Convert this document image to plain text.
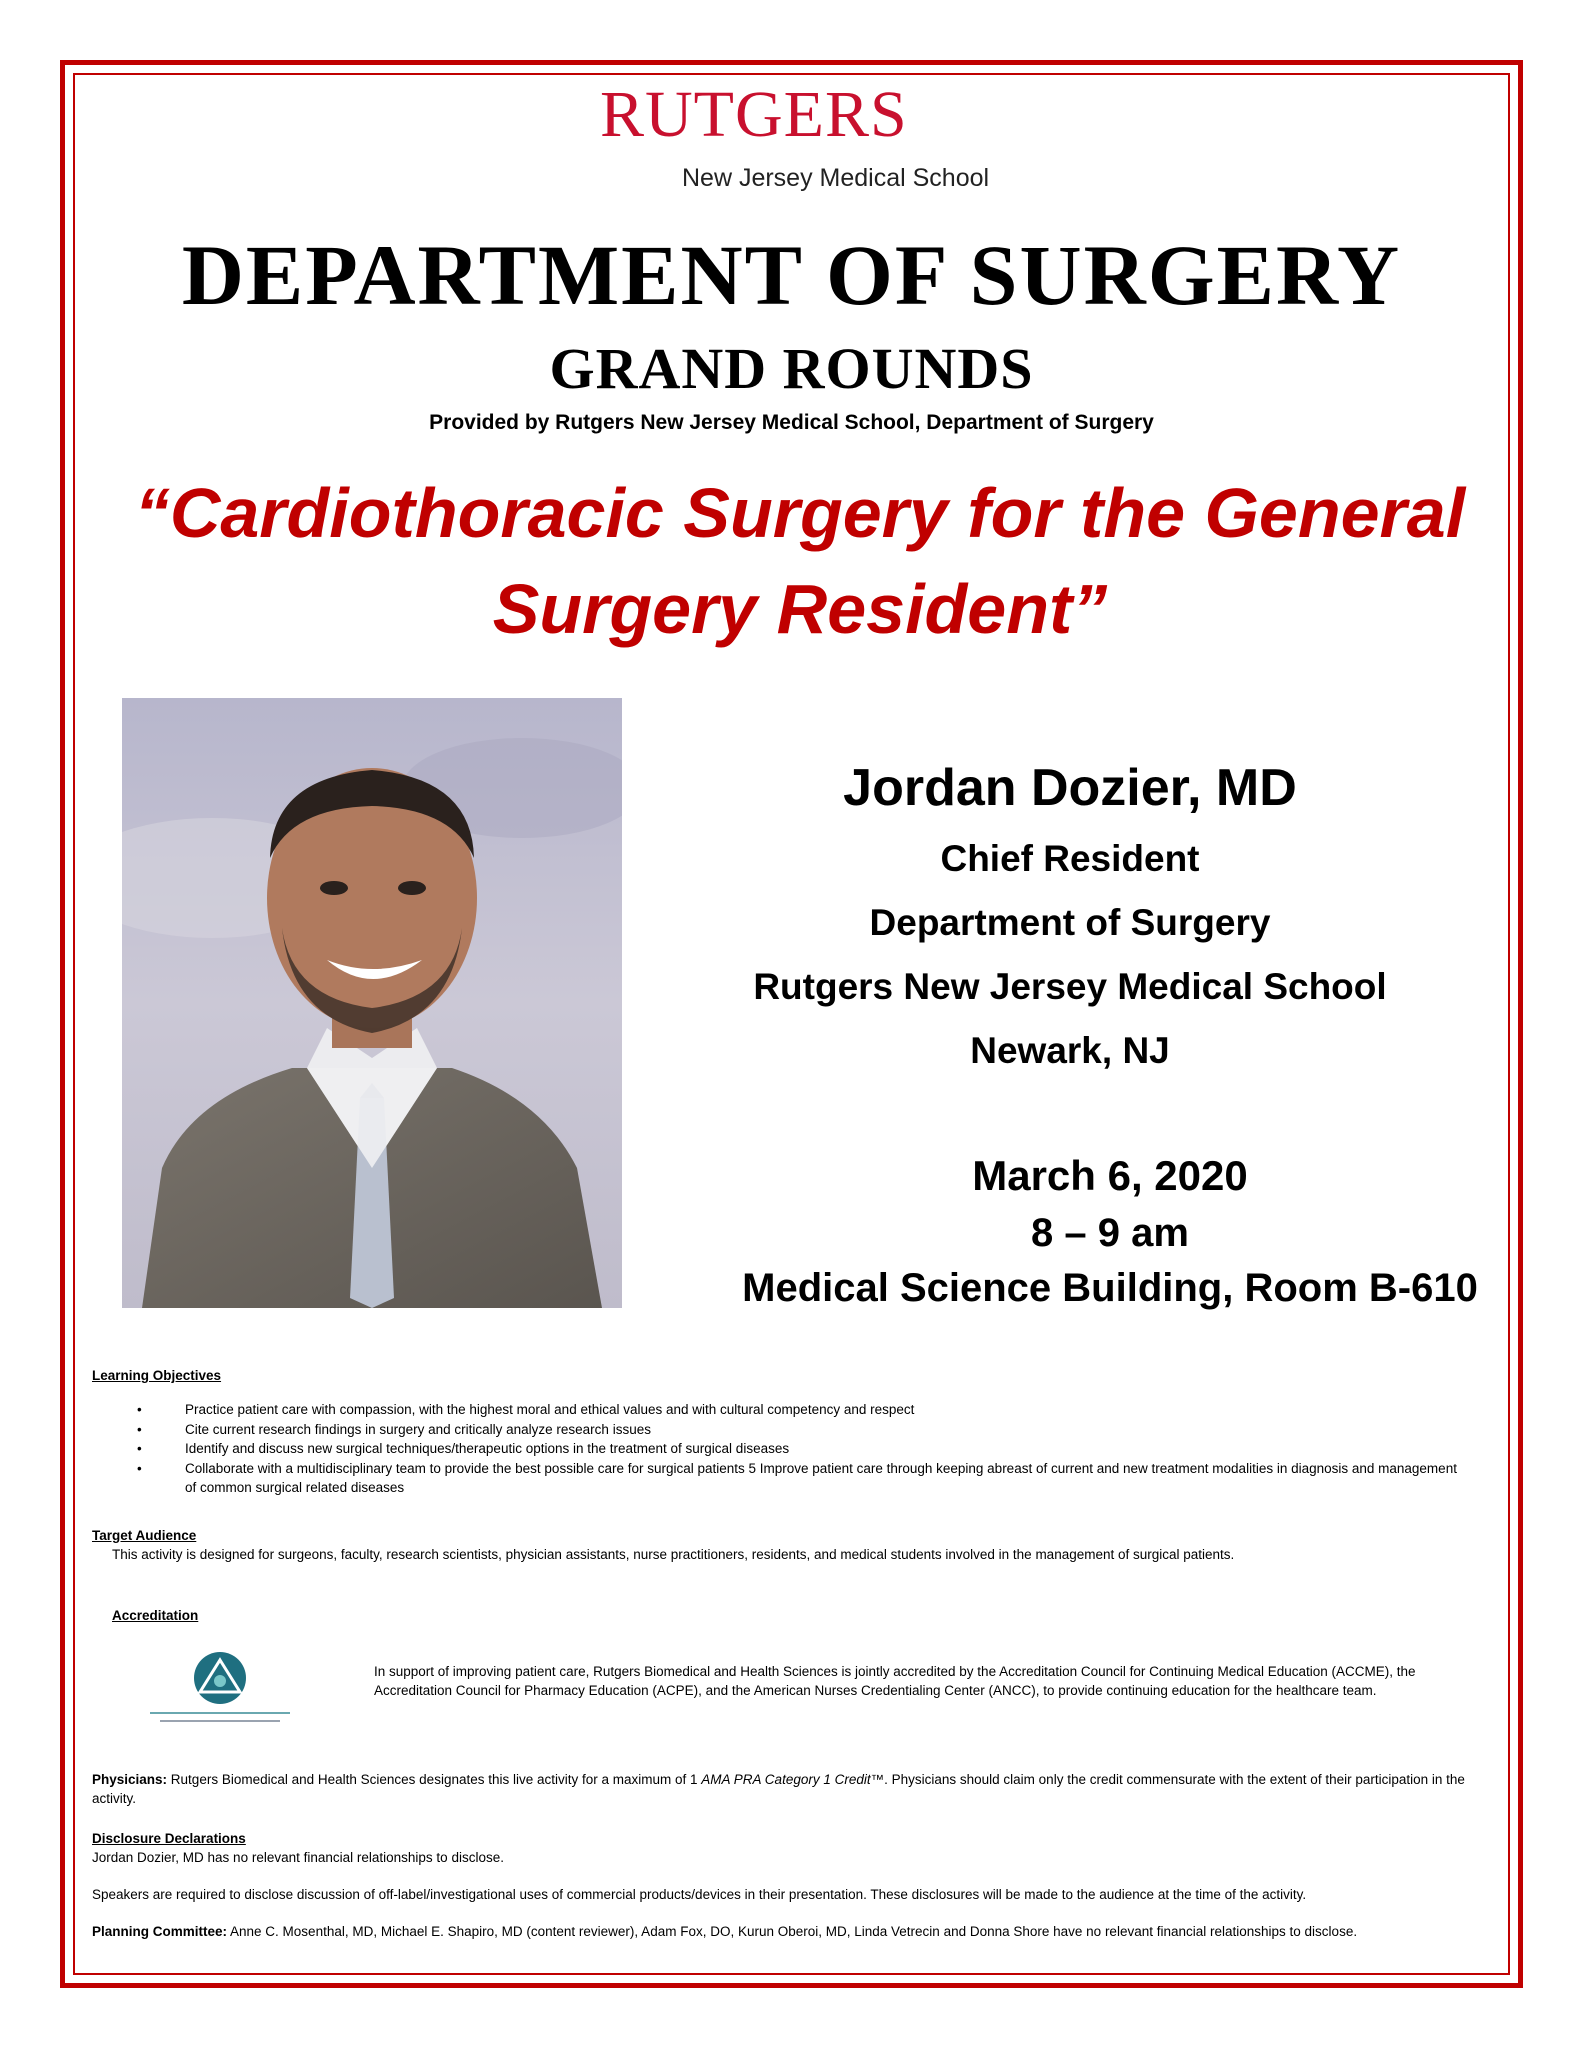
RUTGERS
New Jersey Medical School
DEPARTMENT OF SURGERY
GRAND ROUNDS
Provided by Rutgers New Jersey Medical School, Department of Surgery
“Cardiothoracic Surgery for the General
Surgery Resident”
Jordan Dozier, MD
Chief Resident
Department of Surgery
Rutgers New Jersey Medical School
Newark, NJ
March 6, 2020
8 – 9 am
Medical Science Building, Room B-610
Learning Objectives
• Practice patient care with compassion, with the highest moral and ethical values and with cultural competency and respect
• Cite current research findings in surgery and critically analyze research issues
• Identify and discuss new surgical techniques/therapeutic options in the treatment of surgical diseases
• Collaborate with a multidisciplinary team to provide the best possible care for surgical patients 5 Improve patient care through keeping abreast of current and new treatment modalities in diagnosis and management of common surgical related diseases
Target Audience
This activity is designed for surgeons, faculty, research scientists, physician assistants, nurse practitioners, residents, and medical students involved in the management of surgical patients.
Accreditation
In support of improving patient care, Rutgers Biomedical and Health Sciences is jointly accredited by the Accreditation Council for Continuing Medical Education (ACCME), the Accreditation Council for Pharmacy Education (ACPE), and the American Nurses Credentialing Center (ANCC), to provide continuing education for the healthcare team.
Physicians: Rutgers Biomedical and Health Sciences designates this live activity for a maximum of 1 AMA PRA Category 1 Credit™. Physicians should claim only the credit commensurate with the extent of their participation in the activity.
Disclosure Declarations
Jordan Dozier, MD has no relevant financial relationships to disclose.
Speakers are required to disclose discussion of off-label/investigational uses of commercial products/devices in their presentation. These disclosures will be made to the audience at the time of the activity.
Planning Committee: Anne C. Mosenthal, MD, Michael E. Shapiro, MD (content reviewer), Adam Fox, DO, Kurun Oberoi, MD, Linda Vetrecin and Donna Shore have no relevant financial relationships to disclose.
